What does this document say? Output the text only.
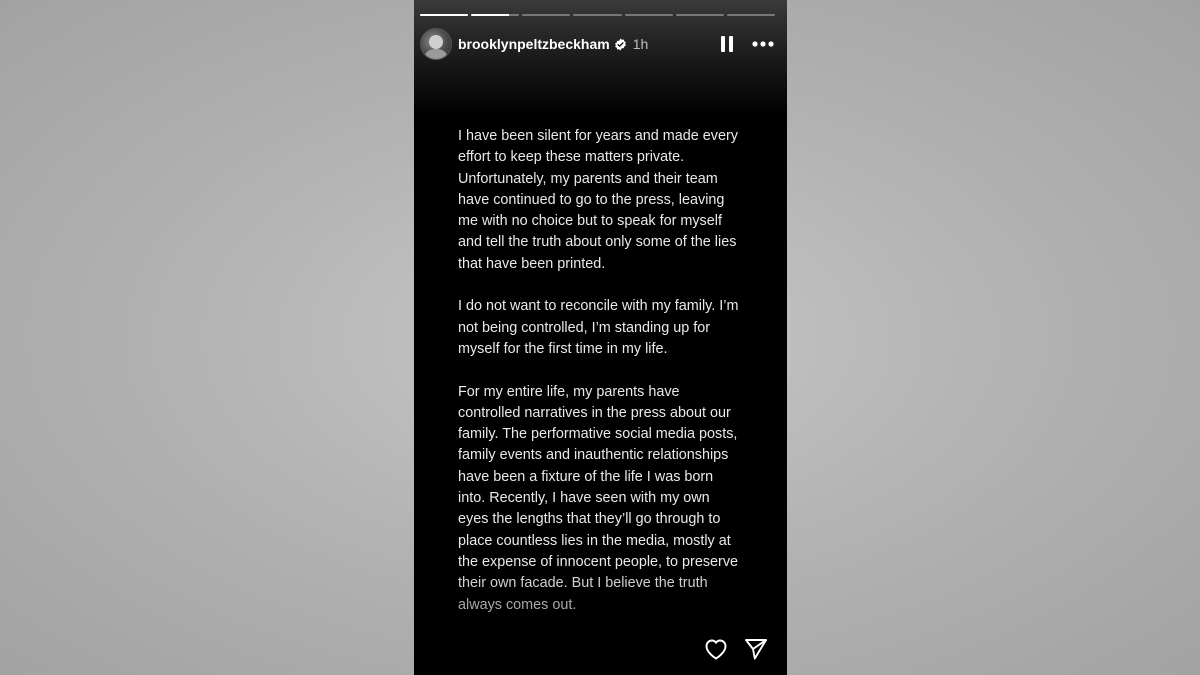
brooklynpeltzbeckham 1h

I have been silent for years and made every effort to keep these matters private. Unfortunately, my parents and their team have continued to go to the press, leaving me with no choice but to speak for myself and tell the truth about only some of the lies that have been printed.

I do not want to reconcile with my family. I’m not being controlled, I’m standing up for myself for the first time in my life.

For my entire life, my parents have controlled narratives in the press about our family. The performative social media posts, family events and inauthentic relationships have been a fixture of the life I was born into. Recently, I have seen with my own eyes the lengths that they’ll go through to place countless lies in the media, mostly at the expense of innocent people, to preserve their own facade. But I believe the truth always comes out.
